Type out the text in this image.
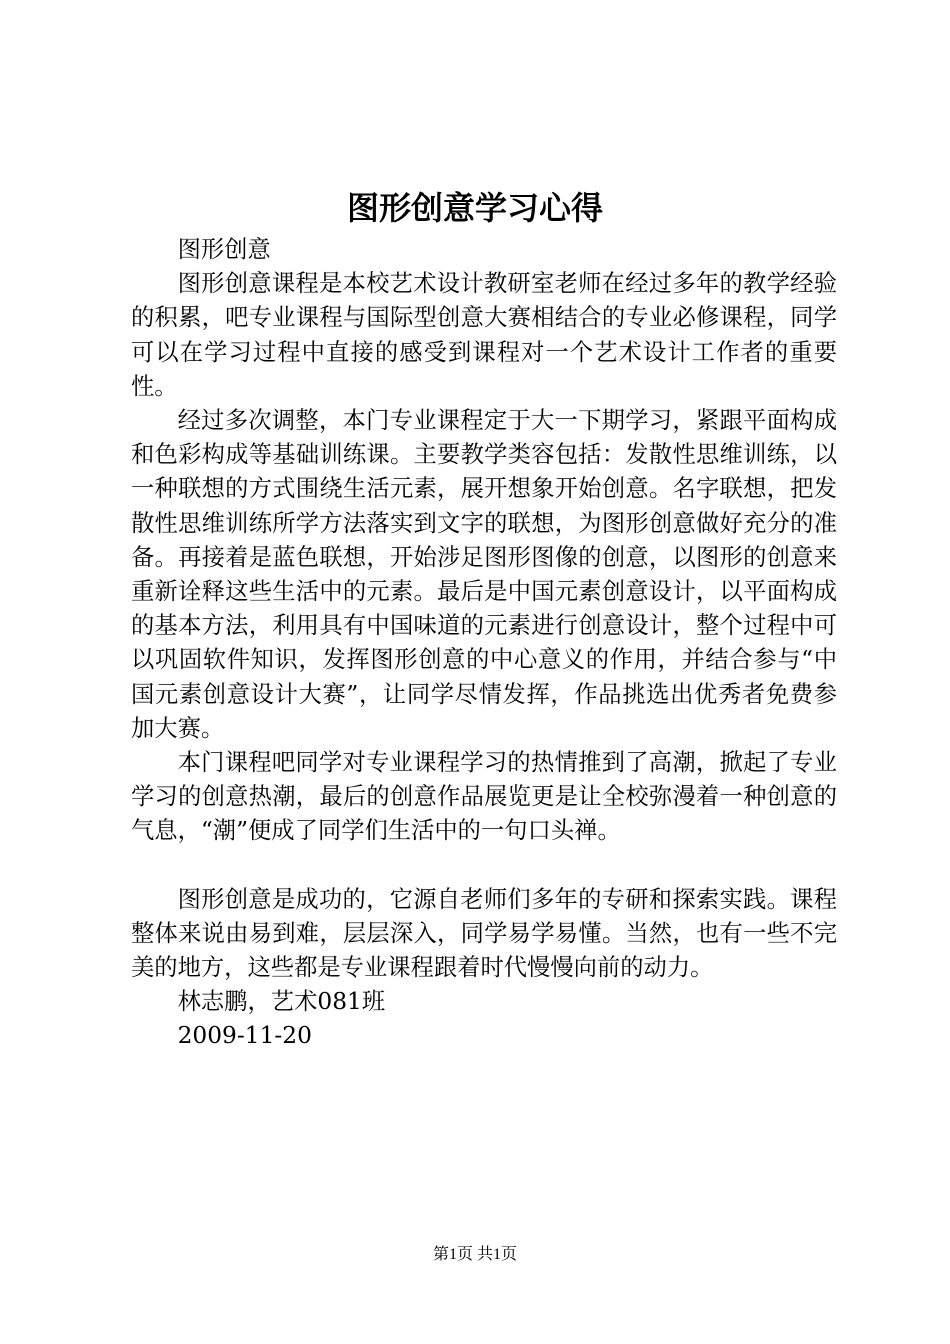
图形创意学习心得

图形创意

图形创意课程是本校艺术设计教研室老师在经过多年的教学经验的积累，吧专业课程与国际型创意大赛相结合的专业必修课程，同学可以在学习过程中直接的感受到课程对一个艺术设计工作者的重要性。

经过多次调整，本门专业课程定于大一下期学习，紧跟平面构成和色彩构成等基础训练课。主要教学类容包括：发散性思维训练，以一种联想的方式围绕生活元素，展开想象开始创意。名字联想，把发散性思维训练所学方法落实到文字的联想，为图形创意做好充分的准备。再接着是蓝色联想，开始涉足图形图像的创意，以图形的创意来重新诠释这些生活中的元素。最后是中国元素创意设计，以平面构成的基本方法，利用具有中国味道的元素进行创意设计，整个过程中可以巩固软件知识，发挥图形创意的中心意义的作用，并结合参与“中国元素创意设计大赛”，让同学尽情发挥，作品挑选出优秀者免费参加大赛。

本门课程吧同学对专业课程学习的热情推到了高潮，掀起了专业学习的创意热潮，最后的创意作品展览更是让全校弥漫着一种创意的气息，“潮”便成了同学们生活中的一句口头禅。

图形创意是成功的，它源自老师们多年的专研和探索实践。课程整体来说由易到难，层层深入，同学易学易懂。当然，也有一些不完美的地方，这些都是专业课程跟着时代慢慢向前的动力。

林志鹏，艺术081班

2009-11-20

第1页 共1页
